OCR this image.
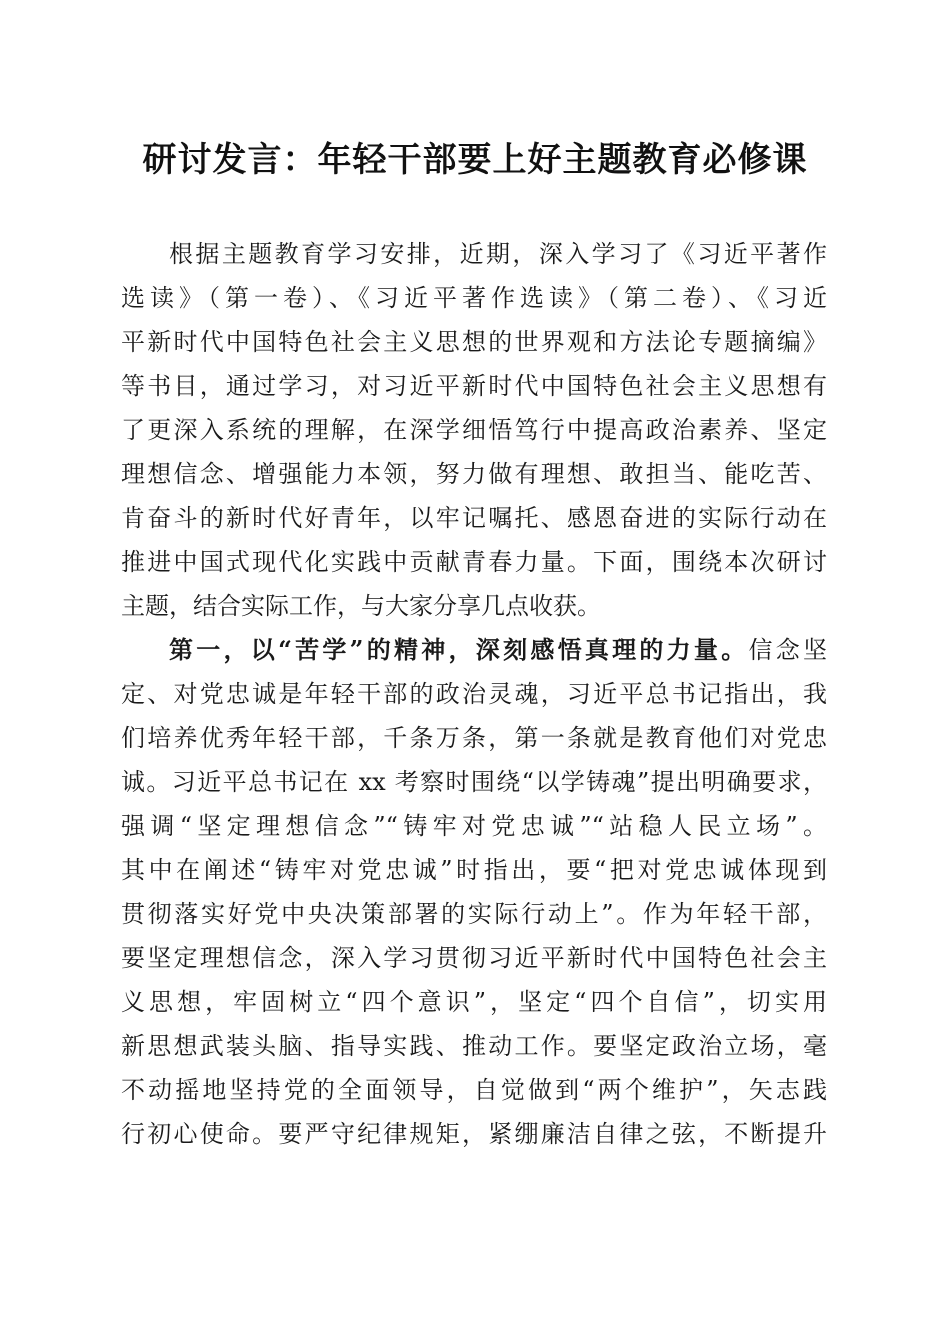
研讨发言：年轻干部要上好主题教育必修课

根据主题教育学习安排，近期，深入学习了《习近平著作
选读》（第一卷）、《习近平著作选读》（第二卷）、《习近
平新时代中国特色社会主义思想的世界观和方法论专题摘编》
等书目，通过学习，对习近平新时代中国特色社会主义思想有
了更深入系统的理解，在深学细悟笃行中提高政治素养、坚定
理想信念、增强能力本领，努力做有理想、敢担当、能吃苦、
肯奋斗的新时代好青年，以牢记嘱托、感恩奋进的实际行动在
推进中国式现代化实践中贡献青春力量。下面，围绕本次研讨
主题，结合实际工作，与大家分享几点收获。

第一，以“苦学”的精神，深刻感悟真理的力量。信念坚
定、对党忠诚是年轻干部的政治灵魂，习近平总书记指出，我
们培养优秀年轻干部，千条万条，第一条就是教育他们对党忠
诚。习近平总书记在 xx 考察时围绕“以学铸魂”提出明确要求，
强调“坚定理想信念”“铸牢对党忠诚”“站稳人民立场”。
其中在阐述“铸牢对党忠诚”时指出，要“把对党忠诚体现到
贯彻落实好党中央决策部署的实际行动上”。作为年轻干部，
要坚定理想信念，深入学习贯彻习近平新时代中国特色社会主
义思想，牢固树立“四个意识”，坚定“四个自信”，切实用
新思想武装头脑、指导实践、推动工作。要坚定政治立场，毫
不动摇地坚持党的全面领导，自觉做到“两个维护”，矢志践
行初心使命。要严守纪律规矩，紧绷廉洁自律之弦，不断提升
